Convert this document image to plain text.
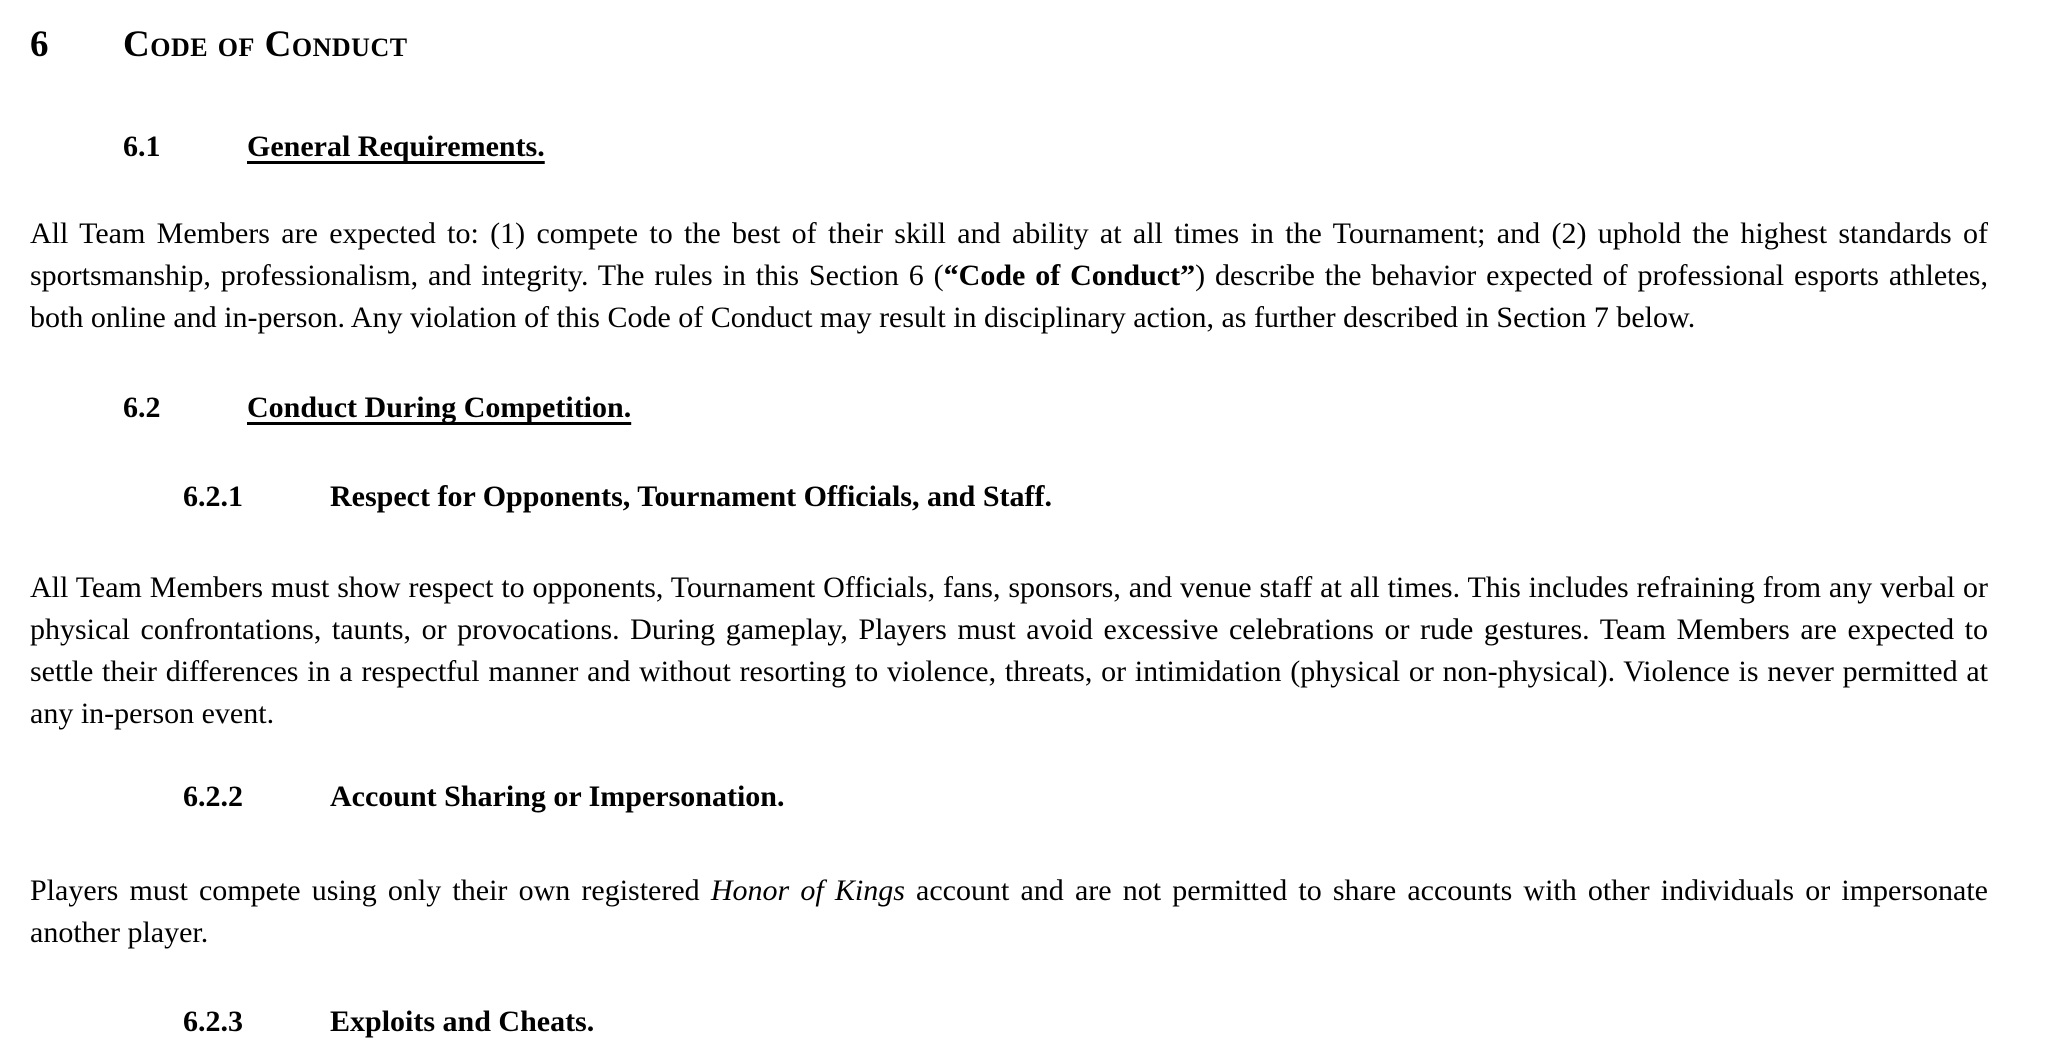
6	Code of Conduct
6.1	General Requirements.

All Team Members are expected to: (1) compete to the best of their skill and ability at all times in the Tournament; and (2) uphold the highest standards of sportsmanship, professionalism, and integrity. The rules in this Section 6 (“Code of Conduct”) describe the behavior expected of professional esports athletes, both online and in-person. Any violation of this Code of Conduct may result in disciplinary action, as further described in Section 7 below.

6.2	Conduct During Competition.
6.2.1	Respect for Opponents, Tournament Officials, and Staff.

All Team Members must show respect to opponents, Tournament Officials, fans, sponsors, and venue staff at all times. This includes refraining from any verbal or physical confrontations, taunts, or provocations. During gameplay, Players must avoid excessive celebrations or rude gestures. Team Members are expected to settle their differences in a respectful manner and without resorting to violence, threats, or intimidation (physical or non-physical). Violence is never permitted at any in-person event.

6.2.2	Account Sharing or Impersonation.

Players must compete using only their own registered Honor of Kings account and are not permitted to share accounts with other individuals or impersonate another player.

6.2.3	Exploits and Cheats.
